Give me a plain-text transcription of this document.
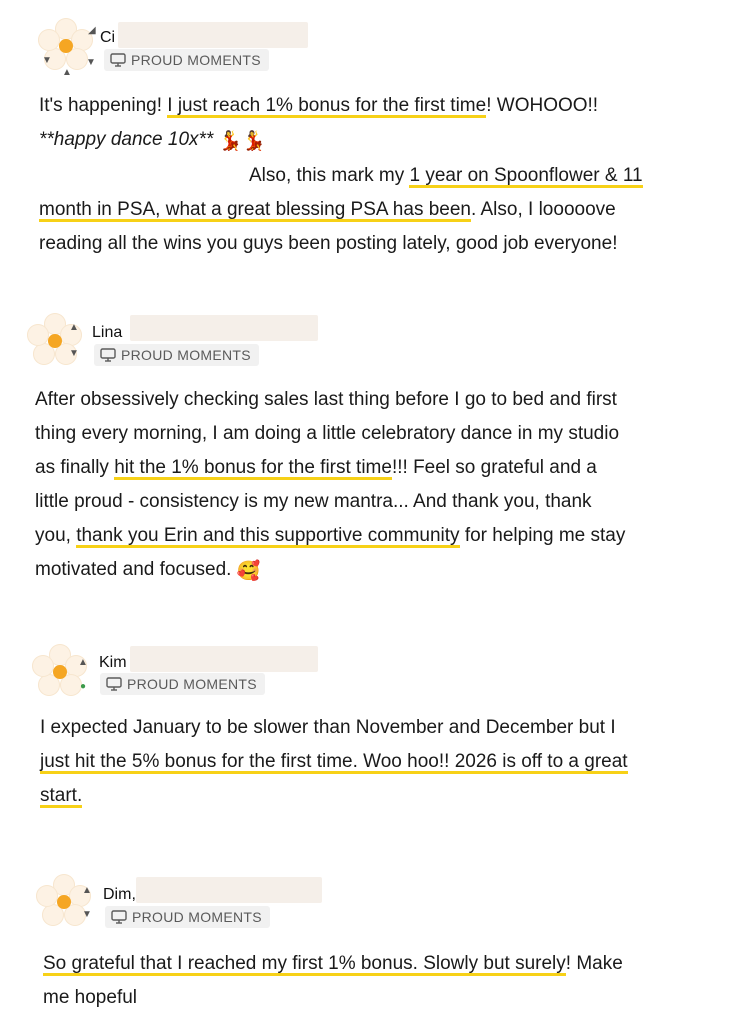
◢
▼
▲
▼
Ci
PROUD MOMENTS
It's happening! I just reach 1% bonus for the first time! WOHOOO!!
**happy dance 10x** 💃💃
Also, this mark my 1 year on Spoonflower & 11
month in PSA, what a great blessing PSA has been. Also, I looooove
reading all the wins you guys been posting lately, good job everyone!
▲
▼
Lina
PROUD MOMENTS
After obsessively checking sales last thing before I go to bed and first
thing every morning, I am doing a little celebratory dance in my studio
as finally hit the 1% bonus for the first time!!! Feel so grateful and a
little proud - consistency is my new mantra... And thank you, thank
you, thank you Erin and this supportive community for helping me stay
motivated and focused. 🥰
▲
●
Kim
PROUD MOMENTS
I expected January to be slower than November and December but I
just hit the 5% bonus for the first time. Woo hoo!! 2026 is off to a great
start.
▲
▼
Dim,
PROUD MOMENTS
So grateful that I reached my first 1% bonus. Slowly but surely! Make
me hopeful
